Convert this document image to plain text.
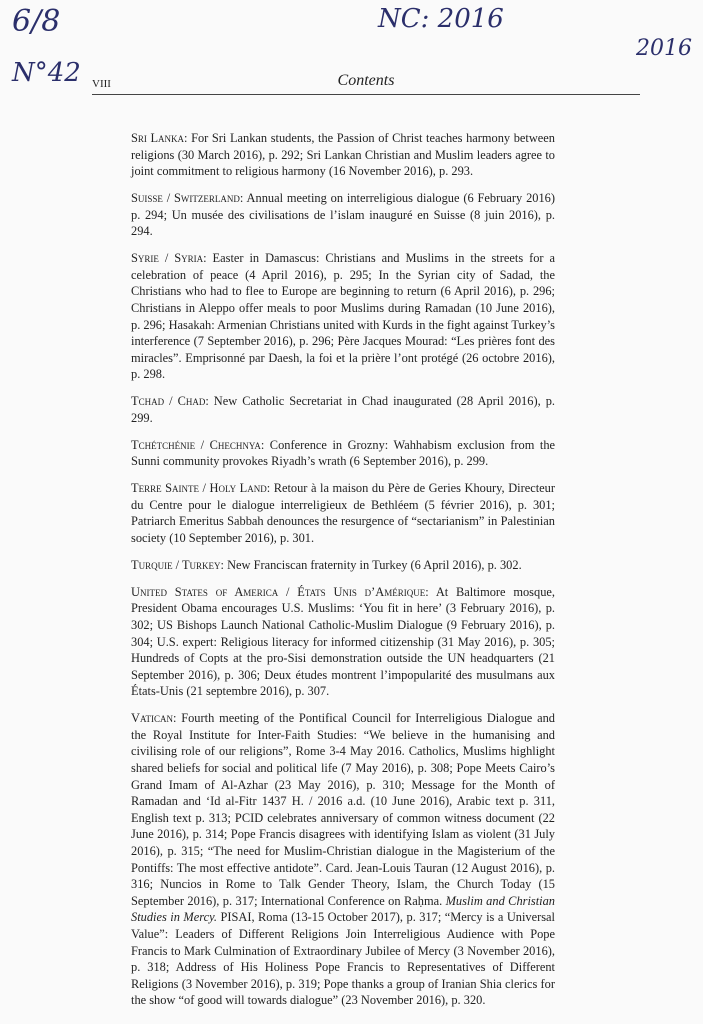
6/8
N°42
NC: 2016
2016
VIII	Contents

Sri Lanka: For Sri Lankan students, the Passion of Christ teaches harmony between religions (30 March 2016), p. 292; Sri Lankan Christian and Muslim leaders agree to joint commitment to religious harmony (16 November 2016), p. 293.

Suisse / Switzerland: Annual meeting on interreligious dialogue (6 February 2016) p. 294; Un musée des civilisations de l’islam inauguré en Suisse (8 juin 2016), p. 294.

Syrie / Syria: Easter in Damascus: Christians and Muslims in the streets for a celebration of peace (4 April 2016), p. 295; In the Syrian city of Sadad, the Christians who had to flee to Europe are beginning to return (6 April 2016), p. 296; Christians in Aleppo offer meals to poor Muslims during Ramadan (10 June 2016), p. 296; Hasakah: Armenian Christians united with Kurds in the fight against Turkey’s interference (7 September 2016), p. 296; Père Jacques Mourad: “Les prières font des miracles”. Emprisonné par Daesh, la foi et la prière l’ont protégé (26 octobre 2016), p. 298.

Tchad / Chad: New Catholic Secretariat in Chad inaugurated (28 April 2016), p. 299.

Tchétchénie / Chechnya: Conference in Grozny: Wahhabism exclusion from the Sunni community provokes Riyadh’s wrath (6 September 2016), p. 299.

Terre Sainte / Holy Land: Retour à la maison du Père de Geries Khoury, Directeur du Centre pour le dialogue interreligieux de Bethléem (5 février 2016), p. 301; Patriarch Emeritus Sabbah denounces the resurgence of “sectarianism” in Palestinian society (10 September 2016), p. 301.

Turquie / Turkey: New Franciscan fraternity in Turkey (6 April 2016), p. 302.

United States of America / États Unis d’Amérique: At Baltimore mosque, President Obama encourages U.S. Muslims: ‘You fit in here’ (3 February 2016), p. 302; US Bishops Launch National Catholic-Muslim Dialogue (9 February 2016), p. 304; U.S. expert: Religious literacy for informed citizenship (31 May 2016), p. 305; Hundreds of Copts at the pro-Sisi demonstration outside the UN headquarters (21 September 2016), p. 306; Deux études montrent l’impopularité des musulmans aux États-Unis (21 septembre 2016), p. 307.

Vatican: Fourth meeting of the Pontifical Council for Interreligious Dialogue and the Royal Institute for Inter-Faith Studies: “We believe in the humanising and civilising role of our religions”, Rome 3-4 May 2016. Catholics, Muslims highlight shared beliefs for social and political life (7 May 2016), p. 308; Pope Meets Cairo’s Grand Imam of Al-Azhar (23 May 2016), p. 310; Message for the Month of Ramadan and ‘Id al-Fitr 1437 H. / 2016 a.d. (10 June 2016), Arabic text p. 311, English text p. 313; PCID celebrates anniversary of common witness document (22 June 2016), p. 314; Pope Francis disagrees with identifying Islam as violent (31 July 2016), p. 315; “The need for Muslim-Christian dialogue in the Magisterium of the Pontiffs: The most effective antidote”. Card. Jean-Louis Tauran (12 August 2016), p. 316; Nuncios in Rome to Talk Gender Theory, Islam, the Church Today (15 September 2016), p. 317; International Conference on Raḥma. Muslim and Christian Studies in Mercy. PISAI, Roma (13-15 October 2017), p. 317; “Mercy is a Universal Value”: Leaders of Different Religions Join Interreligious Audience with Pope Francis to Mark Culmination of Extraordinary Jubilee of Mercy (3 November 2016), p. 318; Address of His Holiness Pope Francis to Representatives of Different Religions (3 November 2016), p. 319; Pope thanks a group of Iranian Shia clerics for the show “of good will towards dialogue” (23 November 2016), p. 320.
